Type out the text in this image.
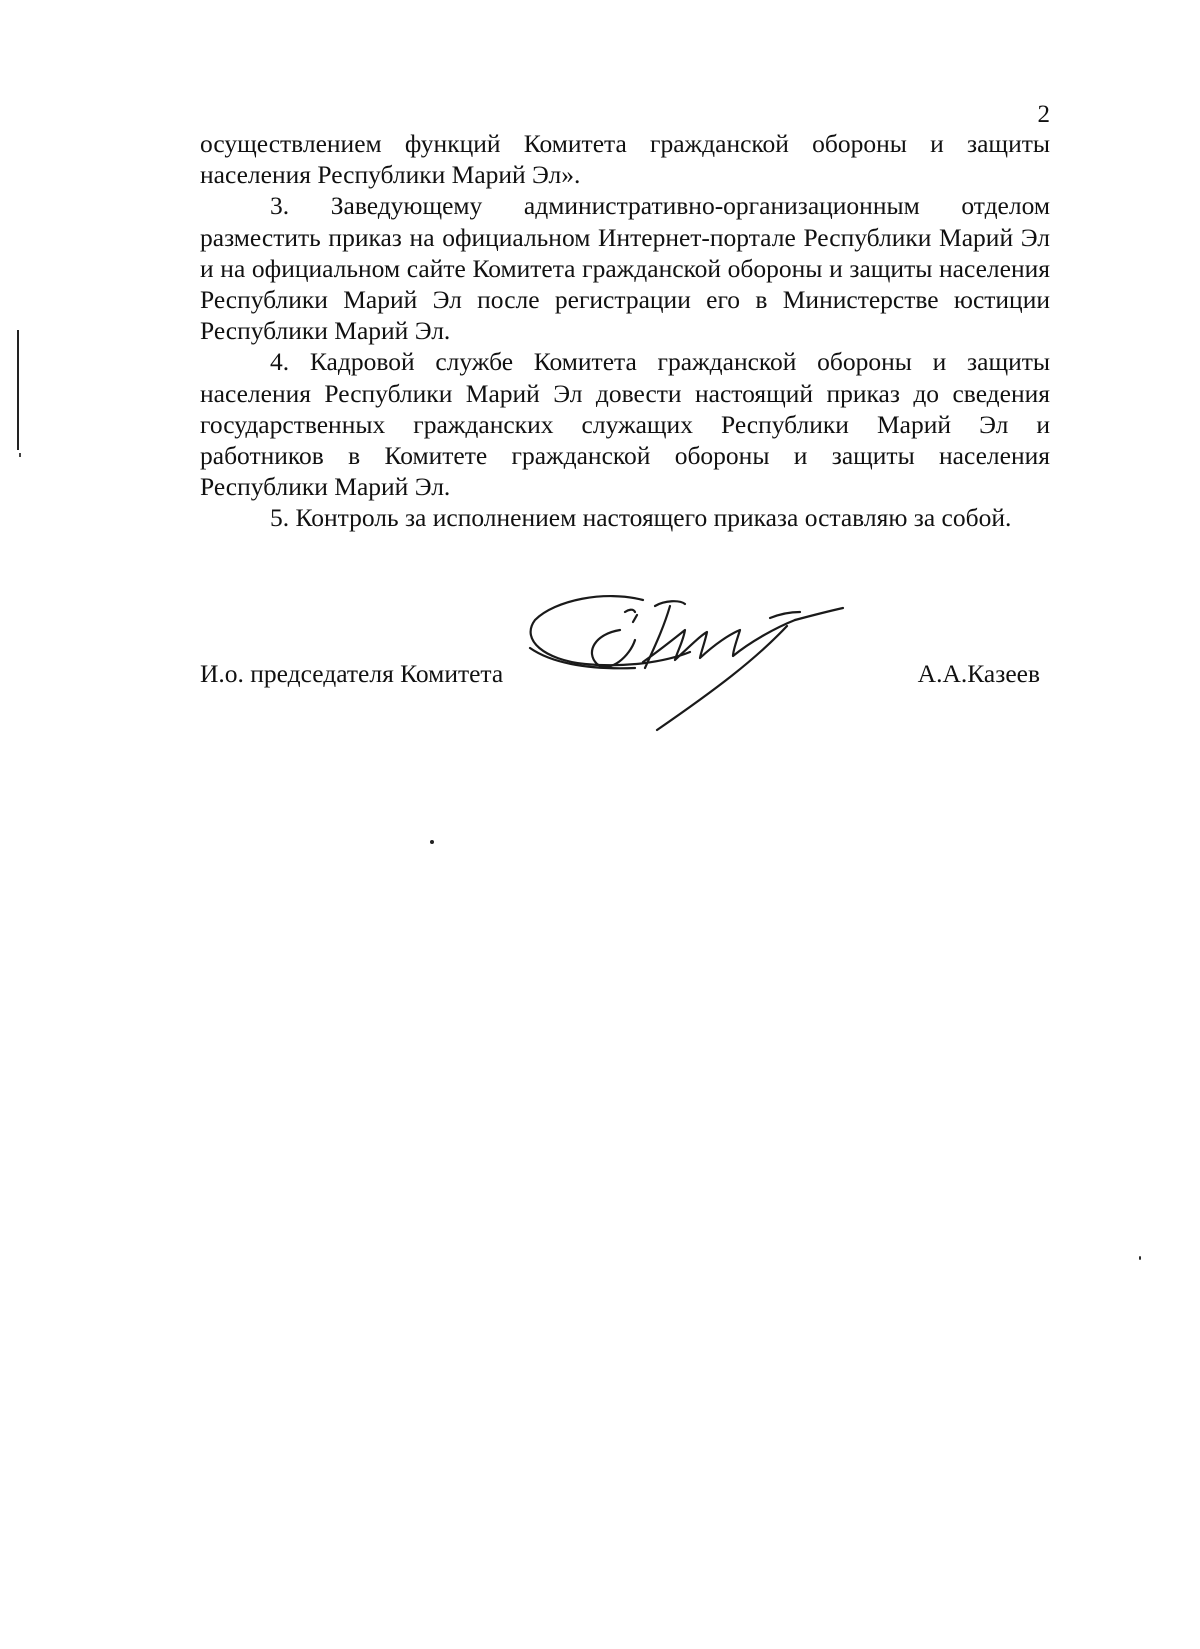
2

осуществлением функций Комитета гражданской обороны и защиты населения Республики Марий Эл».

3. Заведующему административно-организационным отделом разместить приказ на официальном Интернет-портале Республики Марий Эл и на официальном сайте Комитета гражданской обороны и защиты населения Республики Марий Эл после регистрации его в Министерстве юстиции Республики Марий Эл.

4. Кадровой службе Комитета гражданской обороны и защиты населения Республики Марий Эл довести настоящий приказ до сведения государственных гражданских служащих Республики Марий Эл и работников в Комитете гражданской обороны и защиты населения Республики Марий Эл.

5. Контроль за исполнением настоящего приказа оставляю за собой.

И.о. председателя Комитета	А.А.Казеев
